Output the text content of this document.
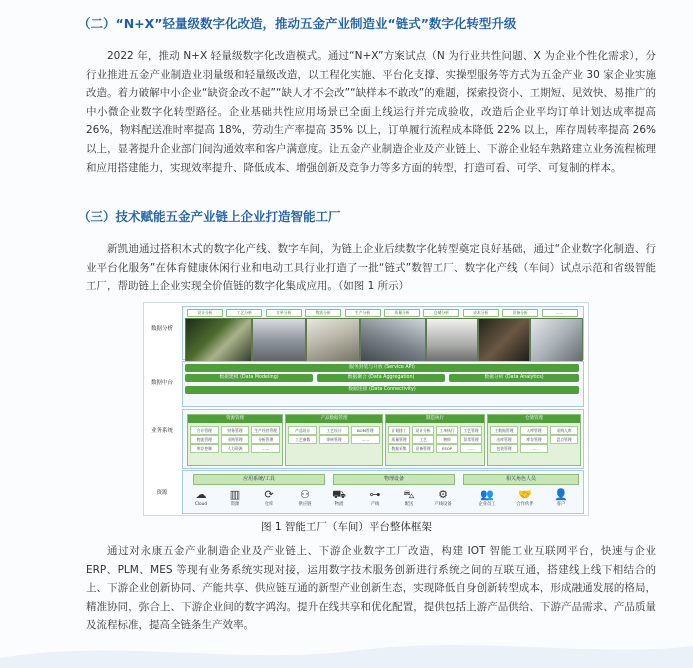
（二）“N+X”轻量级数字化改造，推动五金产业制造业“链式”数字化转型升级
2022 年，推动 N+X 轻量级数字化改造模式。通过“N+X”方案试点（N 为行业共性问题、X 为企业个性化需求），分行业推进五金产业制造业羽量级和轻量级改造，以工程化实施、平台化支撑、实操型服务等方式为五金产业 30 家企业实施改造。着力破解中小企业“缺资金改不起”“缺人才不会改”“缺样本不敢改”的难题，探索投资小、工期短、见效快、易推广的中小微企业数字化转型路径。企业基础共性应用场景已全面上线运行并完成验收，改造后企业平均订单计划达成率提高 26%，物料配送准时率提高 18%，劳动生产率提高 35% 以上，订单履行流程成本降低 22% 以上，库存周转率提高 26% 以上，显著提升企业部门间沟通效率和客户满意度。让五金产业制造企业及产业链上、下游企业轻车熟路建立业务流程梳理和应用搭建能力，实现效率提升、降低成本、增强创新及竞争力等多方面的转型，打造可看、可学、可复制的样本。
（三）技术赋能五金产业链上企业打造智能工厂
新凯迪通过搭积木式的数字化产线、数字车间，为链上企业后续数字化转型奠定良好基础，通过“企业数字化制造、行业平台化服务”在体育健康休闲行业和电动工具行业打造了一批“链式”数智工厂、数字化产线（车间）试点示范和省级智能工厂，帮助链上企业实现全价值链的数字化集成应用。（如图 1 所示）
数据分析
设计分析	工艺分析	订单分析	物流分析	生产分析	质量分析	仓储分析	成本分析	设备分析	……
数据中台
服务封装与开放 (Service API)
数据建模 (Data Modeling)	数据聚合 (Data Aggregation)	数据分析 (Data Analytics)
数据连接 (Data Connectivity)
业务系统
资源管理
合计管理	财务管理	生产经营管理
物流管理	采购管理	分析管理
库存控制	人力资源	……
产品数据管理
产品设计	工艺设计	BOM管理
工艺参数	审核管理	……
制造执行
计划排工	设计分析	工单执行	工艺管理
质量管理	工艺	物料	异常管理
数据采集	设备管理	ESOP	……
仓储管理
主数据管理	入库管理	采购入库
出库管理	库存管理	盘点管理
包装管理	……
资源
应用系统/工具	物理设备	相关角色人员
☁
Cloud
▥
资源
⟳
仓库
⚇
供应链
⛟
物流
⊶
产线
⛍
配送
⚙
产线设备
👥
企业员工
🤝
合作伙伴
👤
客户
图 1 智能工厂（车间）平台整体框架
通过对永康五金产业制造企业及产业链上、下游企业数字工厂改造，构建 IOT 智能工业互联网平台，快速与企业 ERP、PLM、MES 等现有业务系统实现对接，运用数字技术服务创新进行系统之间的互联互通，搭建线上线下相结合的上、下游企业创新协同、产能共享、供应链互通的新型产业创新生态，实现降低自身创新转型成本，形成融通发展的格局，精准协同，弥合上、下游企业间的数字鸿沟。提升在线共享和优化配置，提供包括上游产品供给、下游产品需求、产品质量及流程标准，提高全链条生产效率。
